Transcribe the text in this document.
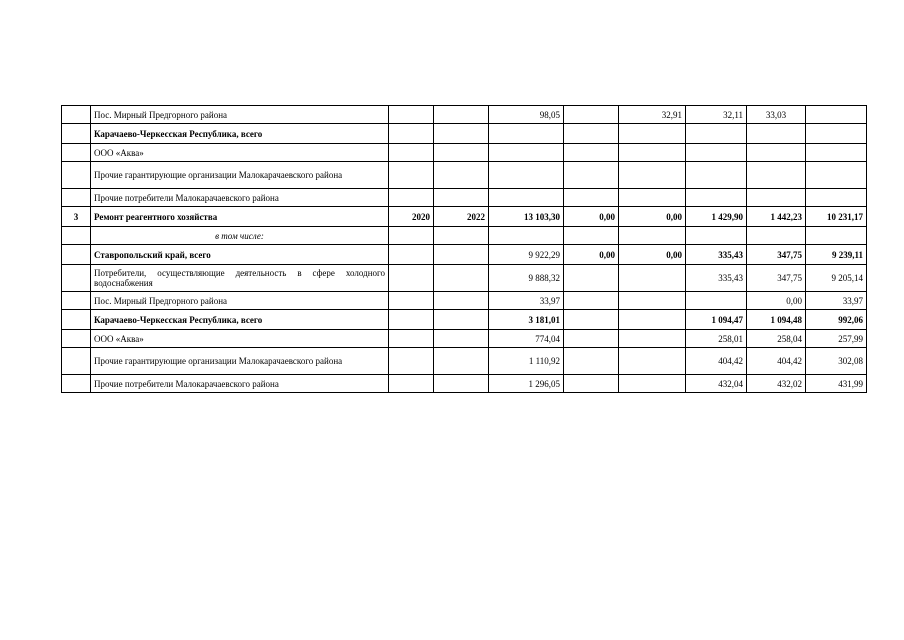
	Пос. Мирный Предгорного района			98,05		32,91	32,11	33,03	
	Карачаево-Черкесская Республика, всего								
	ООО «Аква»								
	Прочие гарантирующие организации Малокарачаевского района								
	Прочие потребители Малокарачаевского района								
3	Ремонт реагентного хозяйства	2020	2022	13 103,30	0,00	0,00	1 429,90	1 442,23	10 231,17
	в том числе:								
	Ставропольский край, всего			9 922,29	0,00	0,00	335,43	347,75	9 239,11
	Потребители, осуществляющие деятельность в сфере холодного водоснабжения			9 888,32			335,43	347,75	9 205,14
	Пос. Мирный Предгорного района			33,97				0,00	33,97
	Карачаево-Черкесская Республика, всего			3 181,01			1 094,47	1 094,48	992,06
	ООО «Аква»			774,04			258,01	258,04	257,99
	Прочие гарантирующие организации Малокарачаевского района			1 110,92			404,42	404,42	302,08
	Прочие потребители Малокарачаевского района			1 296,05			432,04	432,02	431,99
